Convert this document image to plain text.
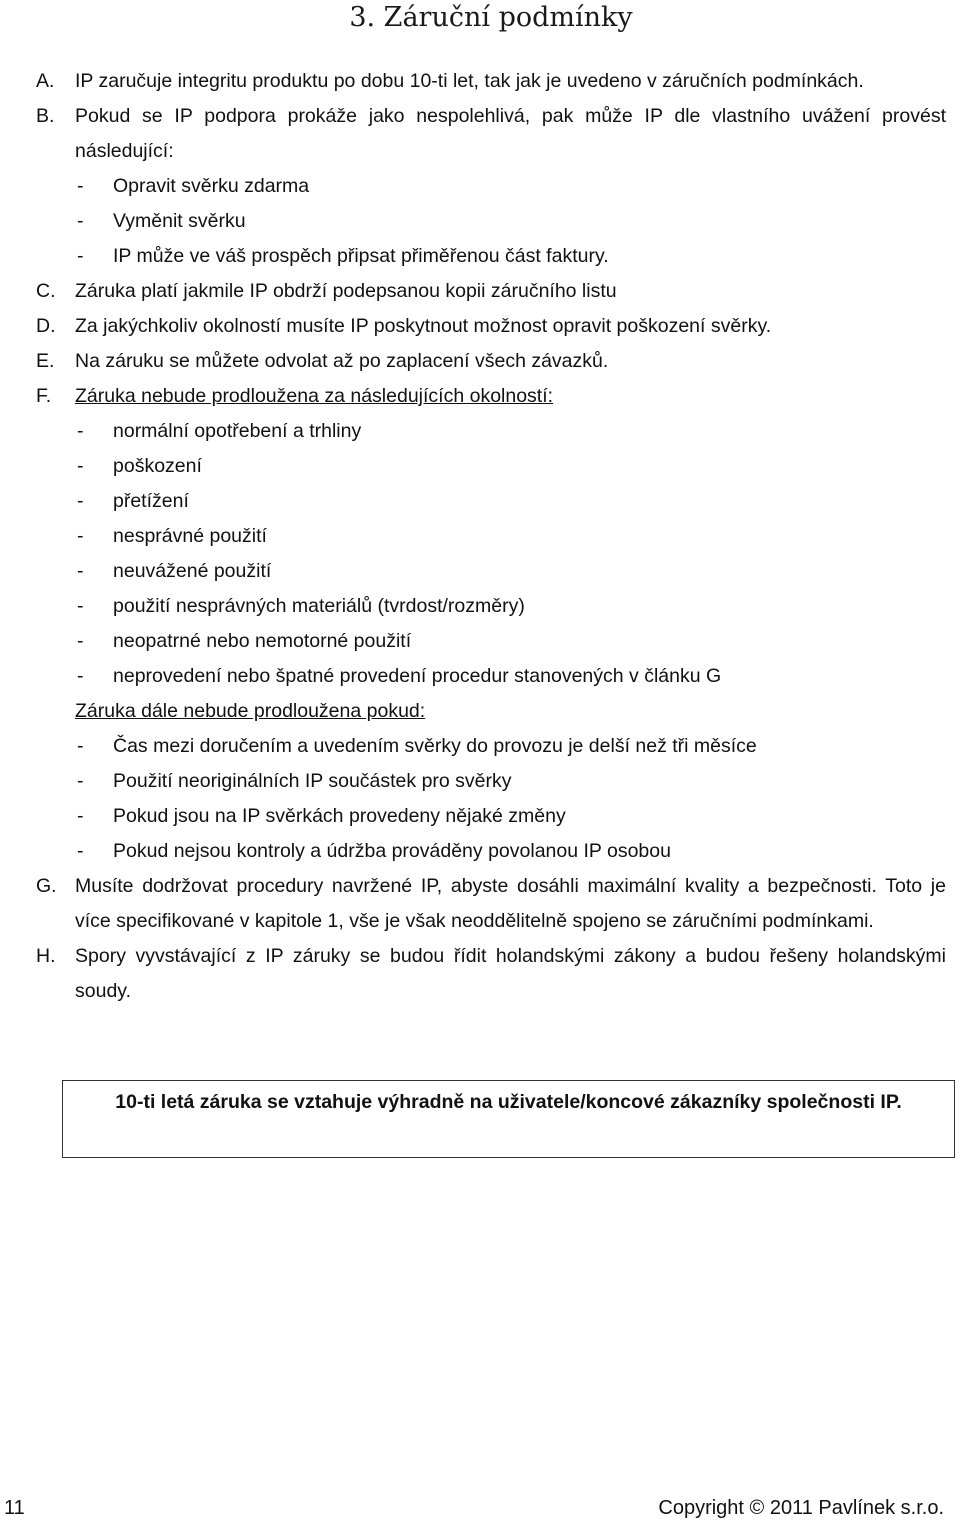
3. Záruční podmínky
A. IP zaručuje integritu produktu po dobu 10-ti let, tak jak je uvedeno v záručních podmínkách.
B. Pokud se IP podpora prokáže jako nespolehlivá, pak může IP dle vlastního uvážení provést následující:
- Opravit svěrku zdarma
- Vyměnit svěrku
- IP může ve váš prospěch připsat přiměřenou část faktury.
C. Záruka platí jakmile IP obdrží podepsanou kopii záručního listu
D. Za jakýchkoliv okolností musíte IP poskytnout možnost opravit poškození svěrky.
E. Na záruku se můžete odvolat až po zaplacení všech závazků.
F. Záruka nebude prodloužena za následujících okolností:
- normální opotřebení a trhliny
- poškození
- přetížení
- nesprávné použití
- neuvážené použití
- použití nesprávných materiálů (tvrdost/rozměry)
- neopatrné nebo nemotorné použití
- neprovedení nebo špatné provedení procedur stanovených v článku G
Záruka dále nebude prodloužena pokud:
- Čas mezi doručením a uvedením svěrky do provozu je delší než tři měsíce
- Použití neoriginálních IP součástek pro svěrky
- Pokud jsou na IP svěrkách provedeny nějaké změny
- Pokud nejsou kontroly a údržba prováděny povolanou IP osobou
G. Musíte dodržovat procedury navržené IP, abyste dosáhli maximální kvality a bezpečnosti. Toto je více specifikované v kapitole 1, vše je však neoddělitelně spojeno se záručními podmínkami.
H. Spory vyvstávající z IP záruky se budou řídit holandskými zákony a budou řešeny holandskými soudy.
10-ti letá záruka se vztahuje výhradně na uživatele/koncové zákazníky společnosti IP.
11	Copyright © 2011 Pavlínek s.r.o.
